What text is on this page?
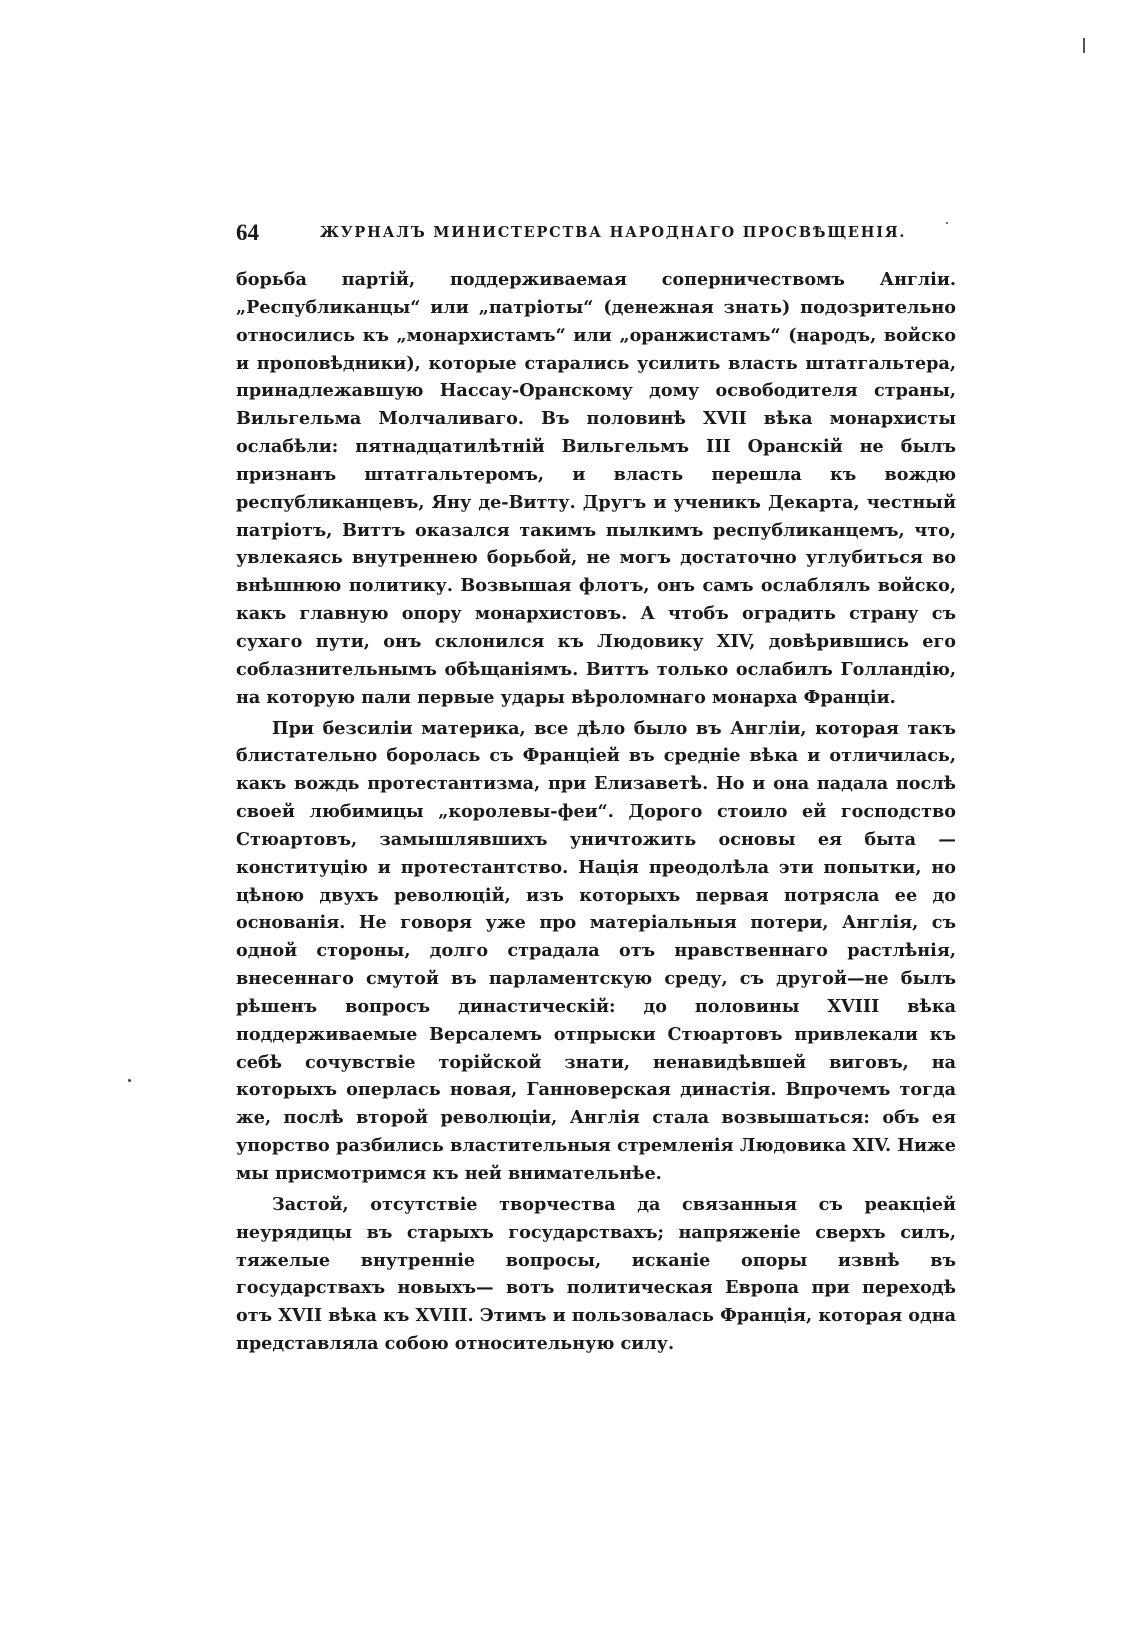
64	ЖУРНАЛЪ МИНИСТЕРСТВА НАРОДНАГО ПРОСВѢЩЕНІЯ.

борьба партій, поддерживаемая соперничествомъ Англіи. „Республиканцы“ или „патріоты“ (денежная знать) подозрительно относились къ „монархистамъ“ или „оранжистамъ“ (народъ, войско и проповѣдники), которые старались усилить власть штатгальтера, принадлежавшую Нассау-Оранскому дому освободителя страны, Вильгельма Молчаливаго. Въ половинѣ XVII вѣка монархисты ослабѣли: пятнадцатилѣтній Вильгельмъ III Оранскій не былъ признанъ штатгальтеромъ, и власть перешла къ вождю республиканцевъ, Яну де-Витту. Другъ и ученикъ Декарта, честный патріотъ, Виттъ оказался такимъ пылкимъ республиканцемъ, что, увлекаясь внутреннею борьбой, не могъ достаточно углубиться во внѣшнюю политику. Возвышая флотъ, онъ самъ ослаблялъ войско, какъ главную опору монархистовъ. А чтобъ оградить страну съ сухаго пути, онъ склонился къ Людовику XIV, довѣрившись его соблазнительнымъ обѣщаніямъ. Виттъ только ослабилъ Голландію, на которую пали первые удары вѣроломнаго монарха Франціи.

При безсиліи материка, все дѣло было въ Англіи, которая такъ блистательно боролась съ Франціей въ средніе вѣка и отличилась, какъ вождь протестантизма, при Елизаветѣ. Но и она падала послѣ своей любимицы „королевы-феи“. Дорого стоило ей господство Стюартовъ, замышлявшихъ уничтожить основы ея быта — конституцію и протестантство. Нація преодолѣла эти попытки, но цѣною двухъ революцій, изъ которыхъ первая потрясла ее до основанія. Не говоря уже про матеріальныя потери, Англія, съ одной стороны, долго страдала отъ нравственнаго растлѣнія, внесеннаго смутой въ парламентскую среду, съ другой—не былъ рѣшенъ вопросъ династическій: до половины XVIII вѣка поддерживаемые Версалемъ отпрыски Стюартовъ привлекали къ себѣ сочувствіе торійской знати, ненавидѣвшей виговъ, на которыхъ оперлась новая, Ганноверская династія. Впрочемъ тогда же, послѣ второй революціи, Англія стала возвышаться: объ ея упорство разбились властительныя стремленія Людовика XIV. Ниже мы присмотримся къ ней внимательнѣе.

Застой, отсутствіе творчества да связанныя съ реакціей неурядицы въ старыхъ государствахъ; напряженіе сверхъ силъ, тяжелые внутренніе вопросы, исканіе опоры извнѣ въ государствахъ новыхъ— вотъ политическая Европа при переходѣ отъ XVII вѣка къ XVIII. Этимъ и пользовалась Франція, которая одна представляла собою относительную силу.
